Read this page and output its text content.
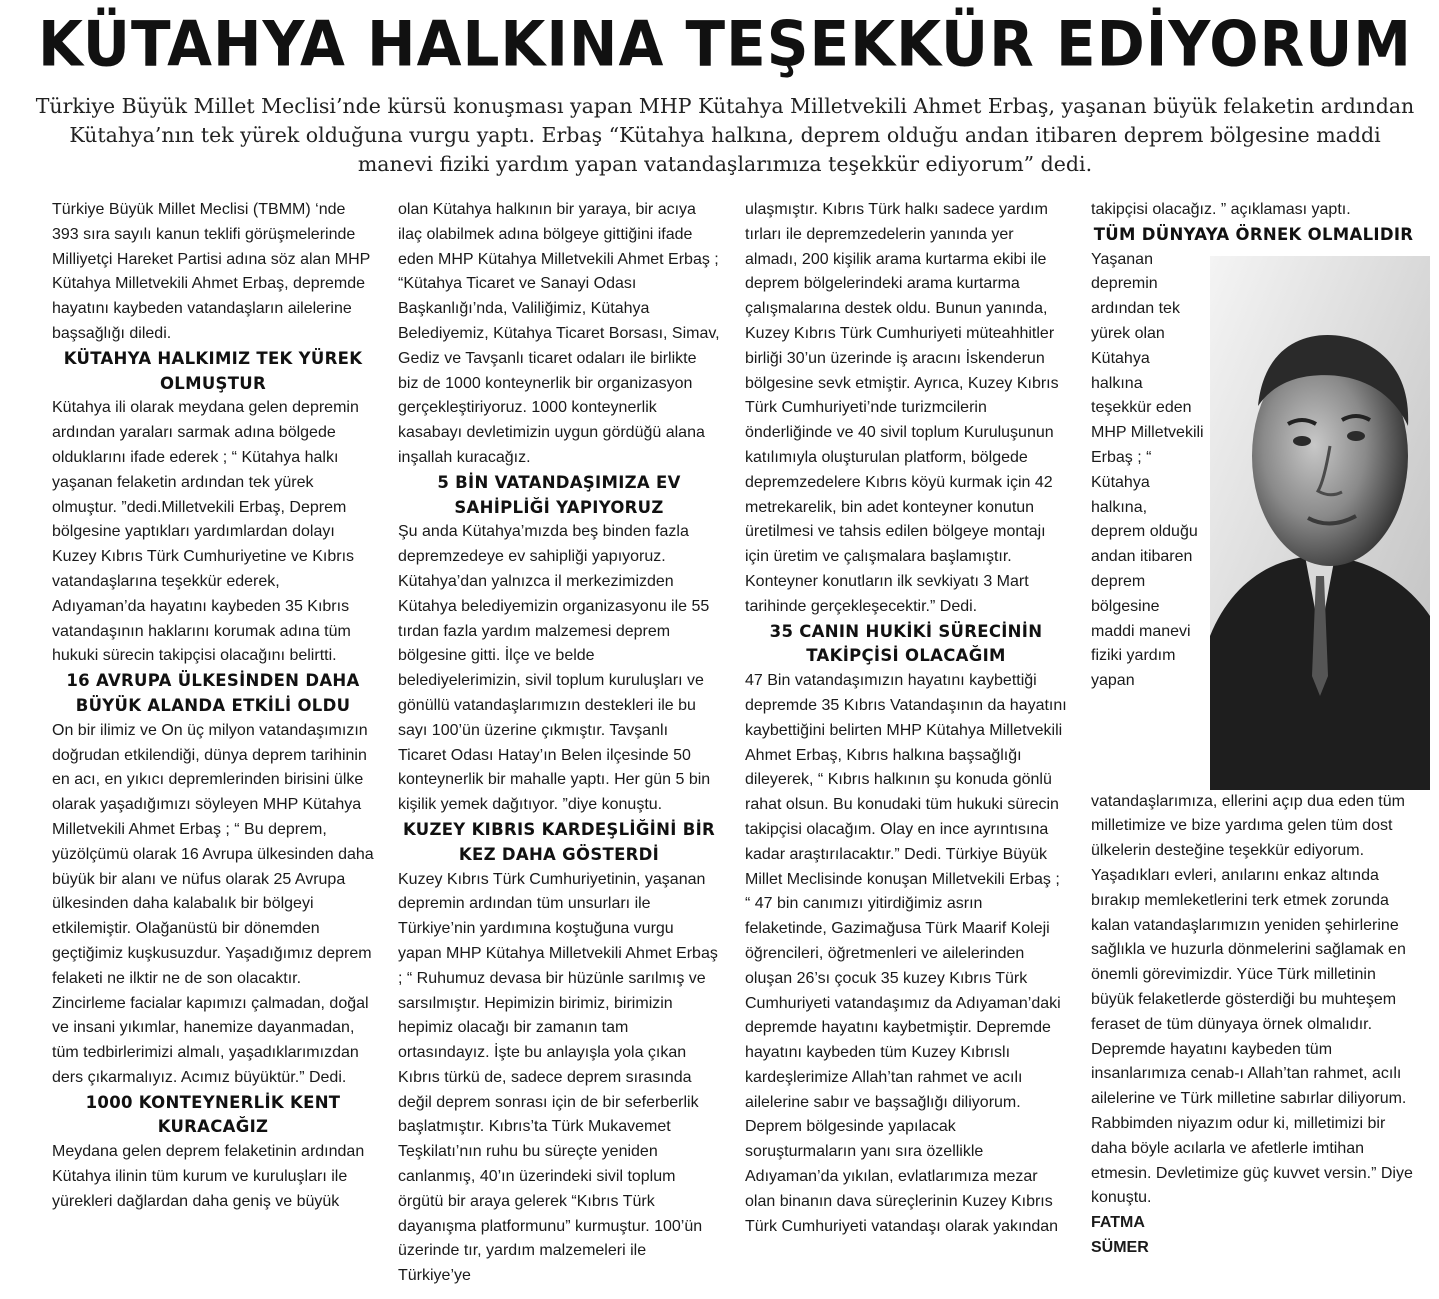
KÜTAHYA HALKINA TEŞEKKÜR EDİYORUM

Türkiye Büyük Millet Meclisi’nde kürsü konuşması yapan MHP Kütahya Milletvekili Ahmet Erbaş, yaşanan büyük felaketin ardından Kütahya’nın tek yürek olduğuna vurgu yaptı. Erbaş “Kütahya halkına, deprem olduğu andan itibaren deprem bölgesine maddi manevi fiziki yardım yapan vatandaşlarımıza teşekkür ediyorum” dedi.

Türkiye Büyük Millet Meclisi (TBMM) ‘nde 393 sıra sayılı kanun teklifi görüşmelerinde Milliyetçi Hareket Partisi adına söz alan MHP Kütahya Milletvekili Ahmet Erbaş, depremde hayatını kaybeden vatandaşların ailelerine başsağlığı diledi.

KÜTAHYA HALKIMIZ TEK YÜREK OLMUŞTUR

Kütahya ili olarak meydana gelen depremin ardından yaraları sarmak adına bölgede olduklarını ifade ederek ; “ Kütahya halkı yaşanan felaketin ardından tek yürek olmuştur. ”dedi.Milletvekili Erbaş, Deprem bölgesine yaptıkları yardımlardan dolayı Kuzey Kıbrıs Türk Cumhuriyetine ve Kıbrıs vatandaşlarına teşekkür ederek, Adıyaman’da hayatını kaybeden 35 Kıbrıs vatandaşının haklarını korumak adına tüm hukuki sürecin takipçisi olacağını belirtti.

16 AVRUPA ÜLKESİNDEN DAHA BÜYÜK ALANDA ETKİLİ OLDU

On bir ilimiz ve On üç milyon vatandaşımızın doğrudan etkilendiği, dünya deprem tarihinin en acı, en yıkıcı depremlerinden birisini ülke olarak yaşadığımızı söyleyen MHP Kütahya Milletvekili Ahmet Erbaş ; “ Bu deprem, yüzölçümü olarak 16 Avrupa ülkesinden daha büyük bir alanı ve nüfus olarak 25 Avrupa ülkesinden daha kalabalık bir bölgeyi etkilemiştir. Olağanüstü bir dönemden geçtiğimiz kuşkusuzdur. Yaşadığımız deprem felaketi ne ilktir ne de son olacaktır. Zincirleme facialar kapımızı çalmadan, doğal ve insani yıkımlar, hanemize dayanmadan, tüm tedbirlerimizi almalı, yaşadıklarımızdan ders çıkarmalıyız. Acımız büyüktür.” Dedi.

1000 KONTEYNERLİK KENT KURACAĞIZ

Meydana gelen deprem felaketinin ardından Kütahya ilinin tüm kurum ve kuruluşları ile yürekleri dağlardan daha geniş ve büyük

olan Kütahya halkının bir yaraya, bir acıya ilaç olabilmek adına bölgeye gittiğini ifade eden MHP Kütahya Milletvekili Ahmet Erbaş ; “Kütahya Ticaret ve Sanayi Odası Başkanlığı’nda, Valiliğimiz, Kütahya Belediyemiz, Kütahya Ticaret Borsası, Simav, Gediz ve Tavşanlı ticaret odaları ile birlikte biz de 1000 konteynerlik bir organizasyon gerçekleştiriyoruz. 1000 konteynerlik kasabayı devletimizin uygun gördüğü alana inşallah kuracağız.

5 BİN VATANDAŞIMIZA EV SAHİPLİĞİ YAPIYORUZ

Şu anda Kütahya’mızda beş binden fazla depremzedeye ev sahipliği yapıyoruz. Kütahya’dan yalnızca il merkezimizden Kütahya belediyemizin organizasyonu ile 55 tırdan fazla yardım malzemesi deprem bölgesine gitti. İlçe ve belde belediyelerimizin, sivil toplum kuruluşları ve gönüllü vatandaşlarımızın destekleri ile bu sayı 100’ün üzerine çıkmıştır. Tavşanlı Ticaret Odası Hatay’ın Belen ilçesinde 50 konteynerlik bir mahalle yaptı. Her gün 5 bin kişilik yemek dağıtıyor. ”diye konuştu.

KUZEY KIBRIS KARDEŞLİĞİNİ BİR KEZ DAHA GÖSTERDİ

Kuzey Kıbrıs Türk Cumhuriyetinin, yaşanan depremin ardından tüm unsurları ile Türkiye’nin yardımına koştuğuna vurgu yapan MHP Kütahya Milletvekili Ahmet Erbaş ; “ Ruhumuz devasa bir hüzünle sarılmış ve sarsılmıştır. Hepimizin birimiz, birimizin hepimiz olacağı bir zamanın tam ortasındayız. İşte bu anlayışla yola çıkan Kıbrıs türkü de, sadece deprem sırasında değil deprem sonrası için de bir seferberlik başlatmıştır. Kıbrıs’ta Türk Mukavemet Teşkilatı’nın ruhu bu süreçte yeniden canlanmış, 40’ın üzerindeki sivil toplum örgütü bir araya gelerek “Kıbrıs Türk dayanışma platformunu” kurmuştur. 100’ün üzerinde tır, yardım malzemeleri ile Türkiye’ye

ulaşmıştır. Kıbrıs Türk halkı sadece yardım tırları ile depremzedelerin yanında yer almadı, 200 kişilik arama kurtarma ekibi ile deprem bölgelerindeki arama kurtarma çalışmalarına destek oldu. Bunun yanında, Kuzey Kıbrıs Türk Cumhuriyeti müteahhitler birliği 30’un üzerinde iş aracını İskenderun bölgesine sevk etmiştir. Ayrıca, Kuzey Kıbrıs Türk Cumhuriyeti’nde turizmcilerin önderliğinde ve 40 sivil toplum Kuruluşunun katılımıyla oluşturulan platform, bölgede depremzedelere Kıbrıs köyü kurmak için 42 metrekarelik, bin adet konteyner konutun üretilmesi ve tahsis edilen bölgeye montajı için üretim ve çalışmalara başlamıştır. Konteyner konutların ilk sevkiyatı 3 Mart tarihinde gerçekleşecektir.” Dedi.

35 CANIN HUKİKİ SÜRECİNİN TAKİPÇİSİ OLACAĞIM

47 Bin vatandaşımızın hayatını kaybettiği depremde 35 Kıbrıs Vatandaşının da hayatını kaybettiğini belirten MHP Kütahya Milletvekili Ahmet Erbaş, Kıbrıs halkına başsağlığı dileyerek, “ Kıbrıs halkının şu konuda gönlü rahat olsun. Bu konudaki tüm hukuki sürecin takipçisi olacağım. Olay en ince ayrıntısına kadar araştırılacaktır.” Dedi. Türkiye Büyük Millet Meclisinde konuşan Milletvekili Erbaş ; “ 47 bin canımızı yitirdiğimiz asrın felaketinde, Gazimağusa Türk Maarif Koleji öğrencileri, öğretmenleri ve ailelerinden oluşan 26’sı çocuk 35 kuzey Kıbrıs Türk Cumhuriyeti vatandaşımız da Adıyaman’daki depremde hayatını kaybetmiştir. Depremde hayatını kaybeden tüm Kuzey Kıbrıslı kardeşlerimize Allah’tan rahmet ve acılı ailelerine sabır ve başsağlığı diliyorum. Deprem bölgesinde yapılacak soruşturmaların yanı sıra özellikle Adıyaman’da yıkılan, evlatlarımıza mezar olan binanın dava süreçlerinin Kuzey Kıbrıs Türk Cumhuriyeti vatandaşı olarak yakından

takipçisi olacağız. ” açıklaması yaptı.

TÜM DÜNYAYA ÖRNEK OLMALIDIR

Yaşanan depremin ardından tek yürek olan Kütahya halkına teşekkür eden MHP Milletvekili Erbaş ; “ Kütahya halkına, deprem olduğu andan itibaren deprem bölgesine maddi manevi fiziki yardım yapan vatandaşlarımıza, ellerini açıp dua eden tüm milletimize ve bize yardıma gelen tüm dost ülkelerin desteğine teşekkür ediyorum. Yaşadıkları evleri, anılarını enkaz altında bırakıp memleketlerini terk etmek zorunda kalan vatandaşlarımızın yeniden şehirlerine sağlıkla ve huzurla dönmelerini sağlamak en önemli görevimizdir. Yüce Türk milletinin büyük felaketlerde gösterdiği bu muhteşem feraset de tüm dünyaya örnek olmalıdır. Depremde hayatını kaybeden tüm insanlarımıza cenab-ı Allah’tan rahmet, acılı ailelerine ve Türk milletine sabırlar diliyorum. Rabbimden niyazım odur ki, milletimizi bir daha böyle acılarla ve afetlerle imtihan etmesin. Devletimize güç kuvvet versin.” Diye konuştu.

FATMA
SÜMER
